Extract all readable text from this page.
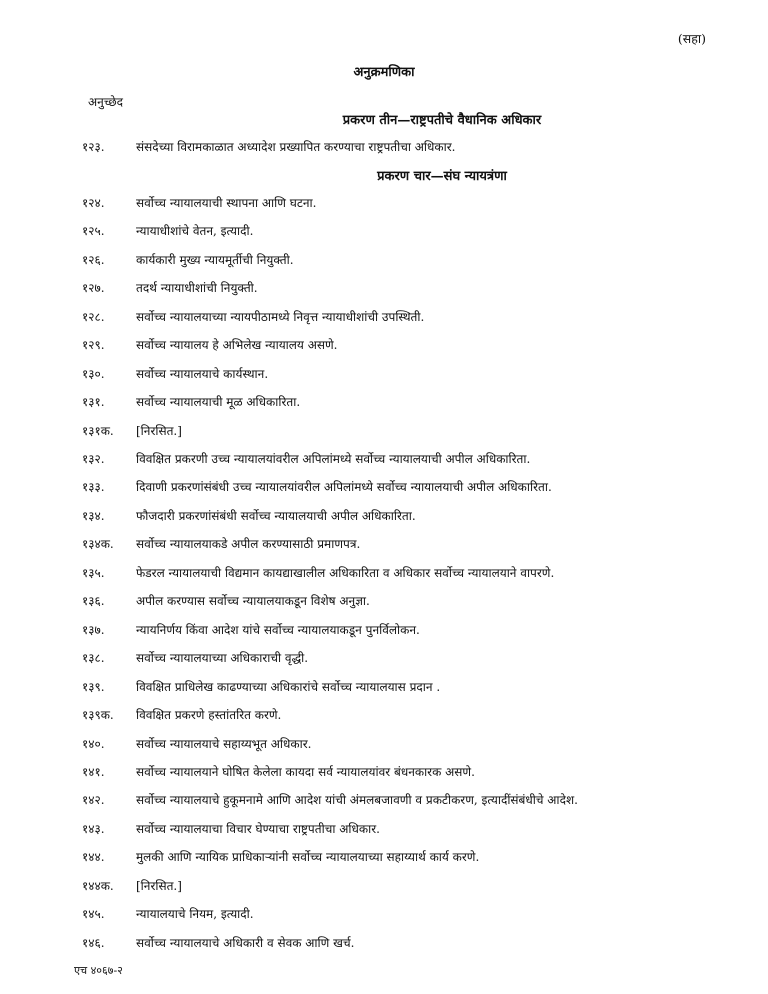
(सहा)
अनुक्रमणिका
अनुच्छेद
प्रकरण तीन—राष्ट्रपतीचे वैधानिक अधिकार
प्रकरण चार—संघ न्यायत्रंणा
१२३.	संसदेच्या विरामकाळात अध्यादेश प्रख्यापित करण्याचा राष्ट्रपतीचा अधिकार.
१२४.	सर्वोच्च न्यायालयाची स्थापना आणि घटना.
१२५.	न्यायाधीशांचे वेतन, इत्यादी.
१२६.	कार्यकारी मुख्य न्यायमूर्तीची नियुक्ती.
१२७.	तदर्थ न्यायाधीशांची नियुक्ती.
१२८.	सर्वोच्च न्यायालयाच्या न्यायपीठामध्ये निवृत्त न्यायाधीशांची उपस्थिती.
१२९.	सर्वोच्च न्यायालय हे अभिलेख न्यायालय असणे.
१३०.	सर्वोच्च न्यायालयाचे कार्यस्थान.
१३१.	सर्वोच्च न्यायालयाची मूळ अधिकारिता.
१३१क.	[निरसित.]
१३२.	विवक्षित प्रकरणी उच्च न्यायालयांवरील अपिलांमध्ये सर्वोच्च न्यायालयाची अपील अधिकारिता.
१३३.	दिवाणी प्रकरणांसंबंधी उच्च न्यायालयांवरील अपिलांमध्ये सर्वोच्च न्यायालयाची अपील अधिकारिता.
१३४.	फौजदारी प्रकरणांसंबंधी सर्वोच्च न्यायालयाची अपील अधिकारिता.
१३४क.	सर्वोच्च न्यायालयाकडे अपील करण्यासाठी प्रमाणपत्र.
१३५.	फेडरल न्यायालयाची विद्यमान कायद्याखालील अधिकारिता व अधिकार सर्वोच्च न्यायालयाने वापरणे.
१३६.	अपील करण्यास सर्वोच्च न्यायालयाकडून विशेष अनुज्ञा.
१३७.	न्यायनिर्णय किंवा आदेश यांचे सर्वोच्च न्यायालयाकडून पुनर्विलोकन.
१३८.	सर्वोच्च न्यायालयाच्या अधिकाराची वृद्धी.
१३९.	विवक्षित प्राधिलेख काढण्याच्या अधिकारांचे सर्वोच्च न्यायालयास प्रदान .
१३९क.	विवक्षित प्रकरणे हस्तांतरित करणे.
१४०.	सर्वोच्च न्यायालयाचे सहाय्यभूत अधिकार.
१४१.	सर्वोच्च न्यायालयाने घोषित केलेला कायदा सर्व न्यायालयांवर बंधनकारक असणे.
१४२.	सर्वोच्च न्यायालयाचे हुकूमनामे आणि आदेश यांची अंमलबजावणी व प्रकटीकरण, इत्यादींसंबंधीचे आदेश.
१४३.	सर्वोच्च न्यायालयाचा विचार घेण्याचा राष्ट्रपतीचा अधिकार.
१४४.	मुलकी आणि न्यायिक प्राधिकाऱ्यांनी सर्वोच्च न्यायालयाच्या सहाय्यार्थ कार्य करणे.
१४४क.	[निरसित.]
१४५.	न्यायालयाचे नियम, इत्यादी.
१४६.	सर्वोच्च न्यायालयाचे अधिकारी व सेवक आणि खर्च.
एच ४०६७-२
